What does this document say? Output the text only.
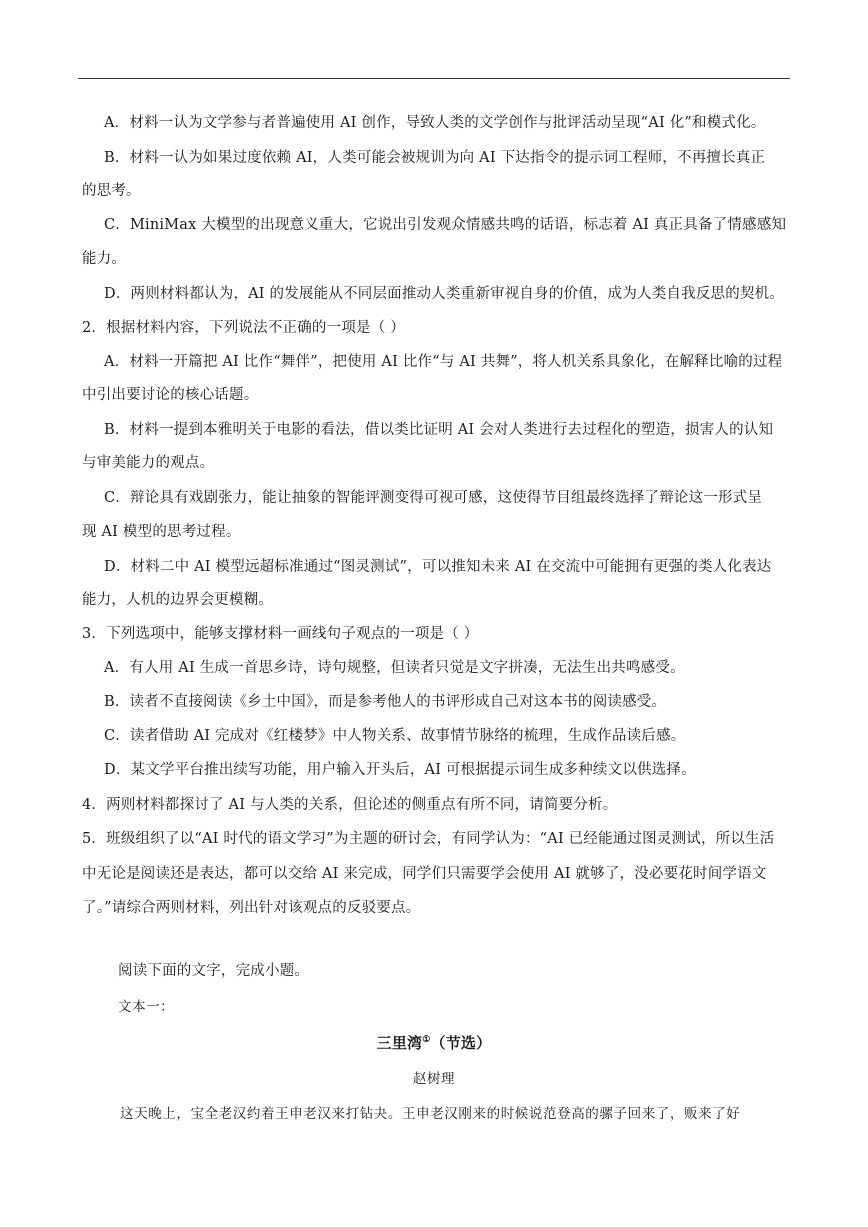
A．材料一认为文学参与者普遍使用 AI 创作，导致人类的文学创作与批评活动呈现“AI 化”和模式化。
B．材料一认为如果过度依赖 AI，人类可能会被规训为向 AI 下达指令的提示词工程师，不再擅长真正
的思考。
C．MiniMax 大模型的出现意义重大，它说出引发观众情感共鸣的话语，标志着 AI 真正具备了情感感知
能力。
D．两则材料都认为，AI 的发展能从不同层面推动人类重新审视自身的价值，成为人类自我反思的契机。
2．根据材料内容，下列说法不正确的一项是（ ）
A．材料一开篇把 AI 比作“舞伴”，把使用 AI 比作“与 AI 共舞”，将人机关系具象化，在解释比喻的过程
中引出要讨论的核心话题。
B．材料一提到本雅明关于电影的看法，借以类比证明 AI 会对人类进行去过程化的塑造，损害人的认知
与审美能力的观点。
C．辩论具有戏剧张力，能让抽象的智能评测变得可视可感，这使得节目组最终选择了辩论这一形式呈
现 AI 模型的思考过程。
D．材料二中 AI 模型远超标准通过“图灵测试”，可以推知未来 AI 在交流中可能拥有更强的类人化表达
能力，人机的边界会更模糊。
3．下列选项中，能够支撑材料一画线句子观点的一项是（ ）
A．有人用 AI 生成一首思乡诗，诗句规整，但读者只觉是文字拼凑，无法生出共鸣感受。
B．读者不直接阅读《乡土中国》，而是参考他人的书评形成自己对这本书的阅读感受。
C．读者借助 AI 完成对《红楼梦》中人物关系、故事情节脉络的梳理，生成作品读后感。
D．某文学平台推出续写功能，用户输入开头后，AI 可根据提示词生成多种续文以供选择。
4．两则材料都探讨了 AI 与人类的关系，但论述的侧重点有所不同，请简要分析。
5．班级组织了以“AI 时代的语文学习”为主题的研讨会，有同学认为：“AI 已经能通过图灵测试，所以生活
中无论是阅读还是表达，都可以交给 AI 来完成，同学们只需要学会使用 AI 就够了，没必要花时间学语文
了。”请综合两则材料，列出针对该观点的反驳要点。
阅读下面的文字，完成小题。
文本一：
三里湾①（节选）
赵树理
这天晚上，宝全老汉约着王申老汉来打钻夬。王申老汉刚来的时候说范登高的骡子回来了，贩来了好
